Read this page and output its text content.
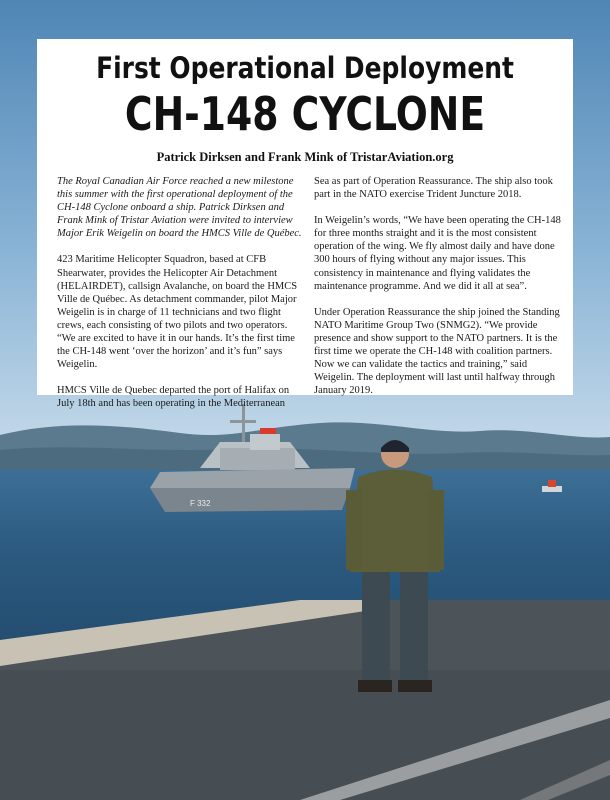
F 332
First Operational Deployment
CH-148 CYCLONE
Patrick Dirksen and Frank Mink of TristarAviation.org

The Royal Canadian Air Force reached a new milestone this summer with the first operational deployment of the CH-148 Cyclone onboard a ship. Patrick Dirksen and Frank Mink of Tristar Aviation were invited to interview Major Erik Weigelin on board the HMCS Ville de Québec.

423 Maritime Helicopter Squadron, based at CFB Shearwater, provides the Helicopter Air Detachment (HELAIRDET), callsign Avalanche, on board the HMCS Ville de Québec. As detachment commander, pilot Major Weigelin is in charge of 11 technicians and two flight crews, each consisting of two pilots and two operators. “We are excited to have it in our hands. It’s the first time the CH-148 went ‘over the horizon’ and it’s fun” says Weigelin.

HMCS Ville de Quebec departed the port of Halifax on July 18th and has been operating in the Mediterranean

Sea as part of Operation Reassurance. The ship also took part in the NATO exercise Trident Juncture 2018.

In Weigelin’s words, “We have been operating the CH-148 for three months straight and it is the most consistent operation of the wing. We fly almost daily and have done 300 hours of flying without any major issues. This consistency in maintenance and flying validates the maintenance programme. And we did it all at sea”.

Under Operation Reassurance the ship joined the Standing NATO Maritime Group Two (SNMG2). “We provide presence and show support to the NATO partners. It is the first time we operate the CH-148 with coalition partners. Now we can validate the tactics and training,” said Weigelin. The deployment will last until halfway through January 2019.
